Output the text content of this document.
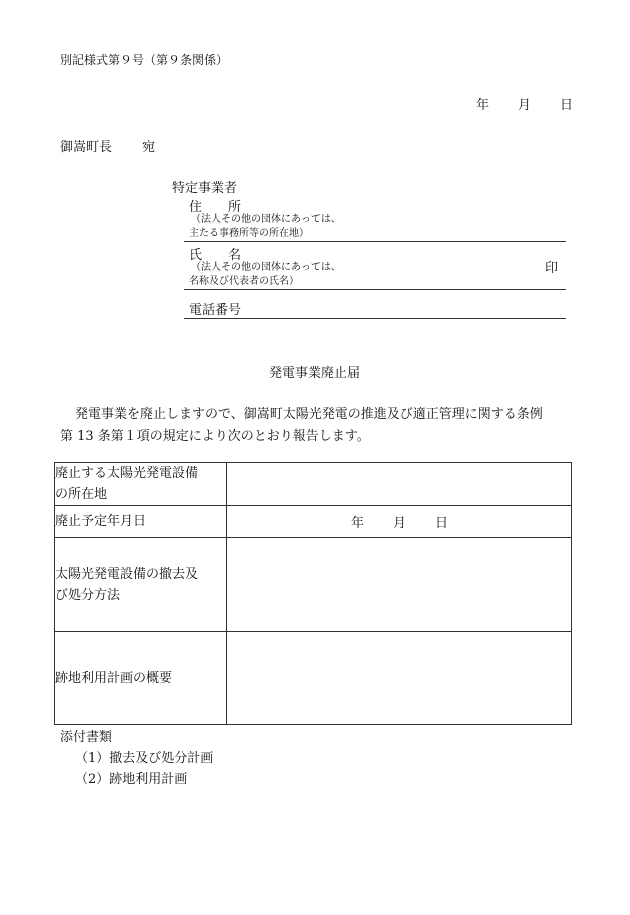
別記様式第９号（第９条関係）
年 月 日
御嵩町長 宛
特定事業者
住　　所
（法人その他の団体にあっては、
主たる事務所等の所在地）
氏　　名
（法人その他の団体にあっては、
名称及び代表者の氏名）
印
電話番号
発電事業廃止届
発電事業を廃止しますので、御嵩町太陽光発電の推進及び適正管理に関する条例
第 13 条第１項の規定により次のとおり報告します。
廃止する太陽光発電設備
の所在地	

廃止予定年月日	年 月 日

太陽光発電設備の撤去及
び処分方法	

跡地利用計画の概要	

添付書類
（1）撤去及び処分計画
（2）跡地利用計画
